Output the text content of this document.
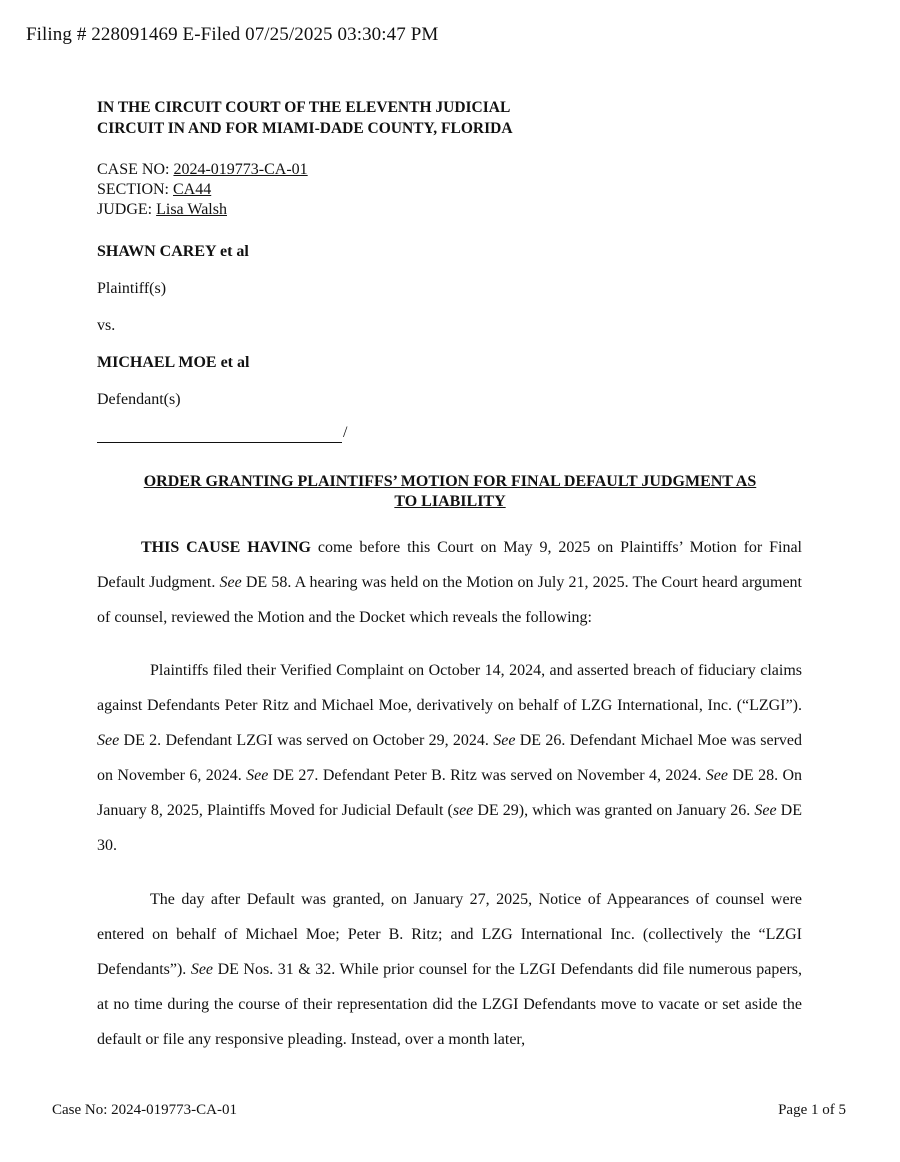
Filing # 228091469 E-Filed 07/25/2025 03:30:47 PM
IN THE CIRCUIT COURT OF THE ELEVENTH JUDICIAL
CIRCUIT IN AND FOR MIAMI-DADE COUNTY, FLORIDA
CASE NO: 2024-019773-CA-01
SECTION: CA44
JUDGE: Lisa Walsh
SHAWN CAREY et al
Plaintiff(s)
vs.
MICHAEL MOE et al
Defendant(s)
/
ORDER GRANTING PLAINTIFFS’ MOTION FOR FINAL DEFAULT JUDGMENT AS
TO LIABILITY

THIS CAUSE HAVING come before this Court on May 9, 2025 on Plaintiffs’ Motion for Final Default Judgment. See DE 58. A hearing was held on the Motion on July 21, 2025. The Court heard argument of counsel, reviewed the Motion and the Docket which reveals the following:

Plaintiffs filed their Verified Complaint on October 14, 2024, and asserted breach of fiduciary claims against Defendants Peter Ritz and Michael Moe, derivatively on behalf of LZG International, Inc. (“LZGI”). See DE 2. Defendant LZGI was served on October 29, 2024. See DE 26. Defendant Michael Moe was served on November 6, 2024. See DE 27. Defendant Peter B. Ritz was served on November 4, 2024. See DE 28. On January 8, 2025, Plaintiffs Moved for Judicial Default (see DE 29), which was granted on January 26. See DE 30.

The day after Default was granted, on January 27, 2025, Notice of Appearances of counsel were entered on behalf of Michael Moe; Peter B. Ritz; and LZG International Inc. (collectively the “LZGI Defendants”). See DE Nos. 31 & 32. While prior counsel for the LZGI Defendants did file numerous papers, at no time during the course of their representation did the LZGI Defendants move to vacate or set aside the default or file any responsive pleading. Instead, over a month later,

Case No: 2024-019773-CA-01	Page 1 of 5
